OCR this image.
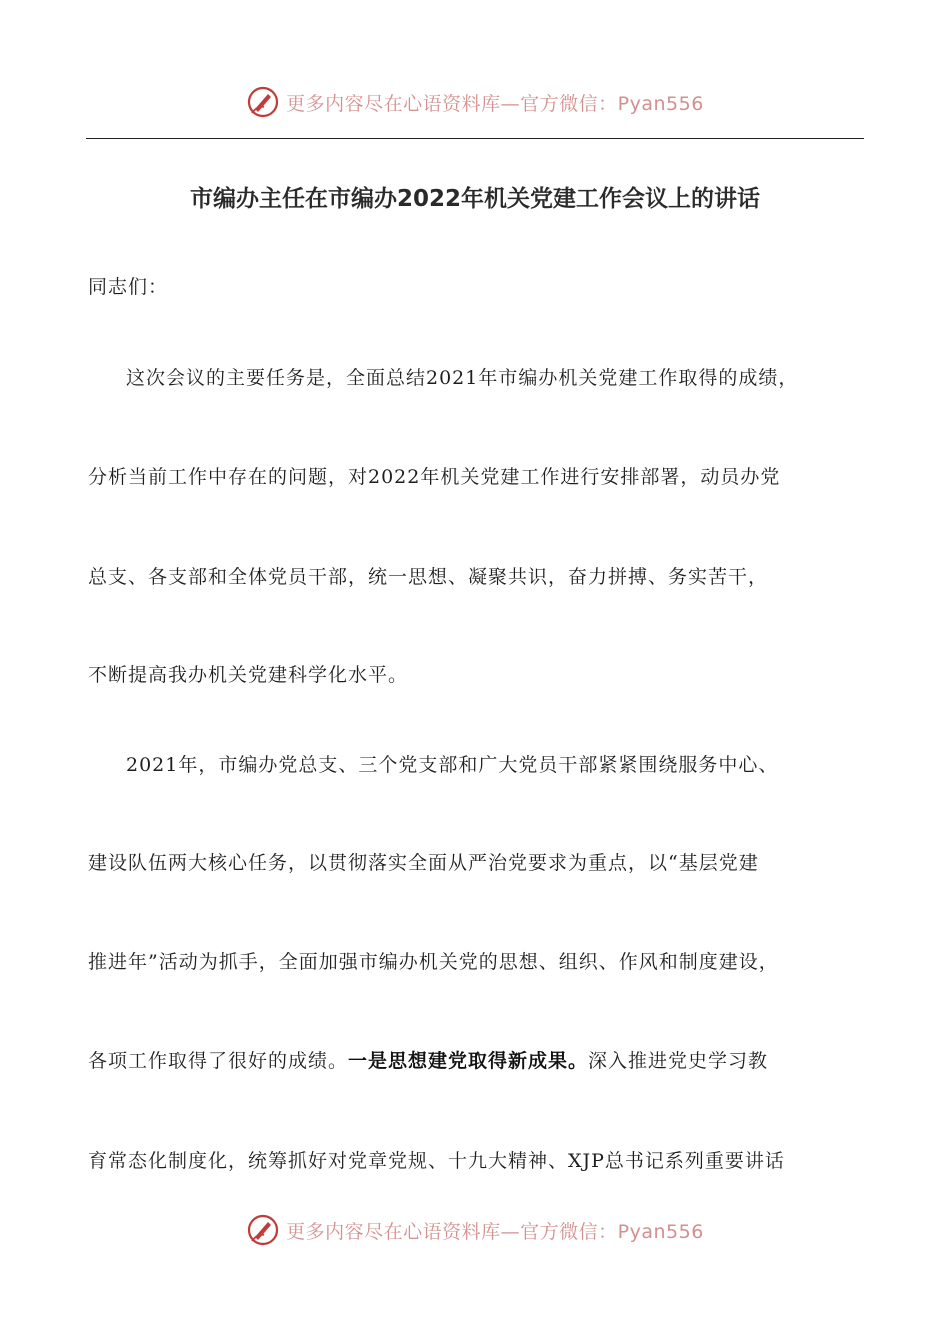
更多内容尽在心语资料库—官方微信：Pyan556
市编办主任在市编办2022年机关党建工作会议上的讲话
同志们：
这次会议的主要任务是，全面总结2021年市编办机关党建工作取得的成绩，
分析当前工作中存在的问题，对2022年机关党建工作进行安排部署，动员办党
总支、各支部和全体党员干部，统一思想、凝聚共识，奋力拼搏、务实苦干，
不断提高我办机关党建科学化水平。
2021年，市编办党总支、三个党支部和广大党员干部紧紧围绕服务中心、
建设队伍两大核心任务，以贯彻落实全面从严治党要求为重点，以“基层党建
推进年”活动为抓手，全面加强市编办机关党的思想、组织、作风和制度建设，
各项工作取得了很好的成绩。一是思想建党取得新成果。深入推进党史学习教
育常态化制度化，统筹抓好对党章党规、十九大精神、XJP总书记系列重要讲话
更多内容尽在心语资料库—官方微信：Pyan556
